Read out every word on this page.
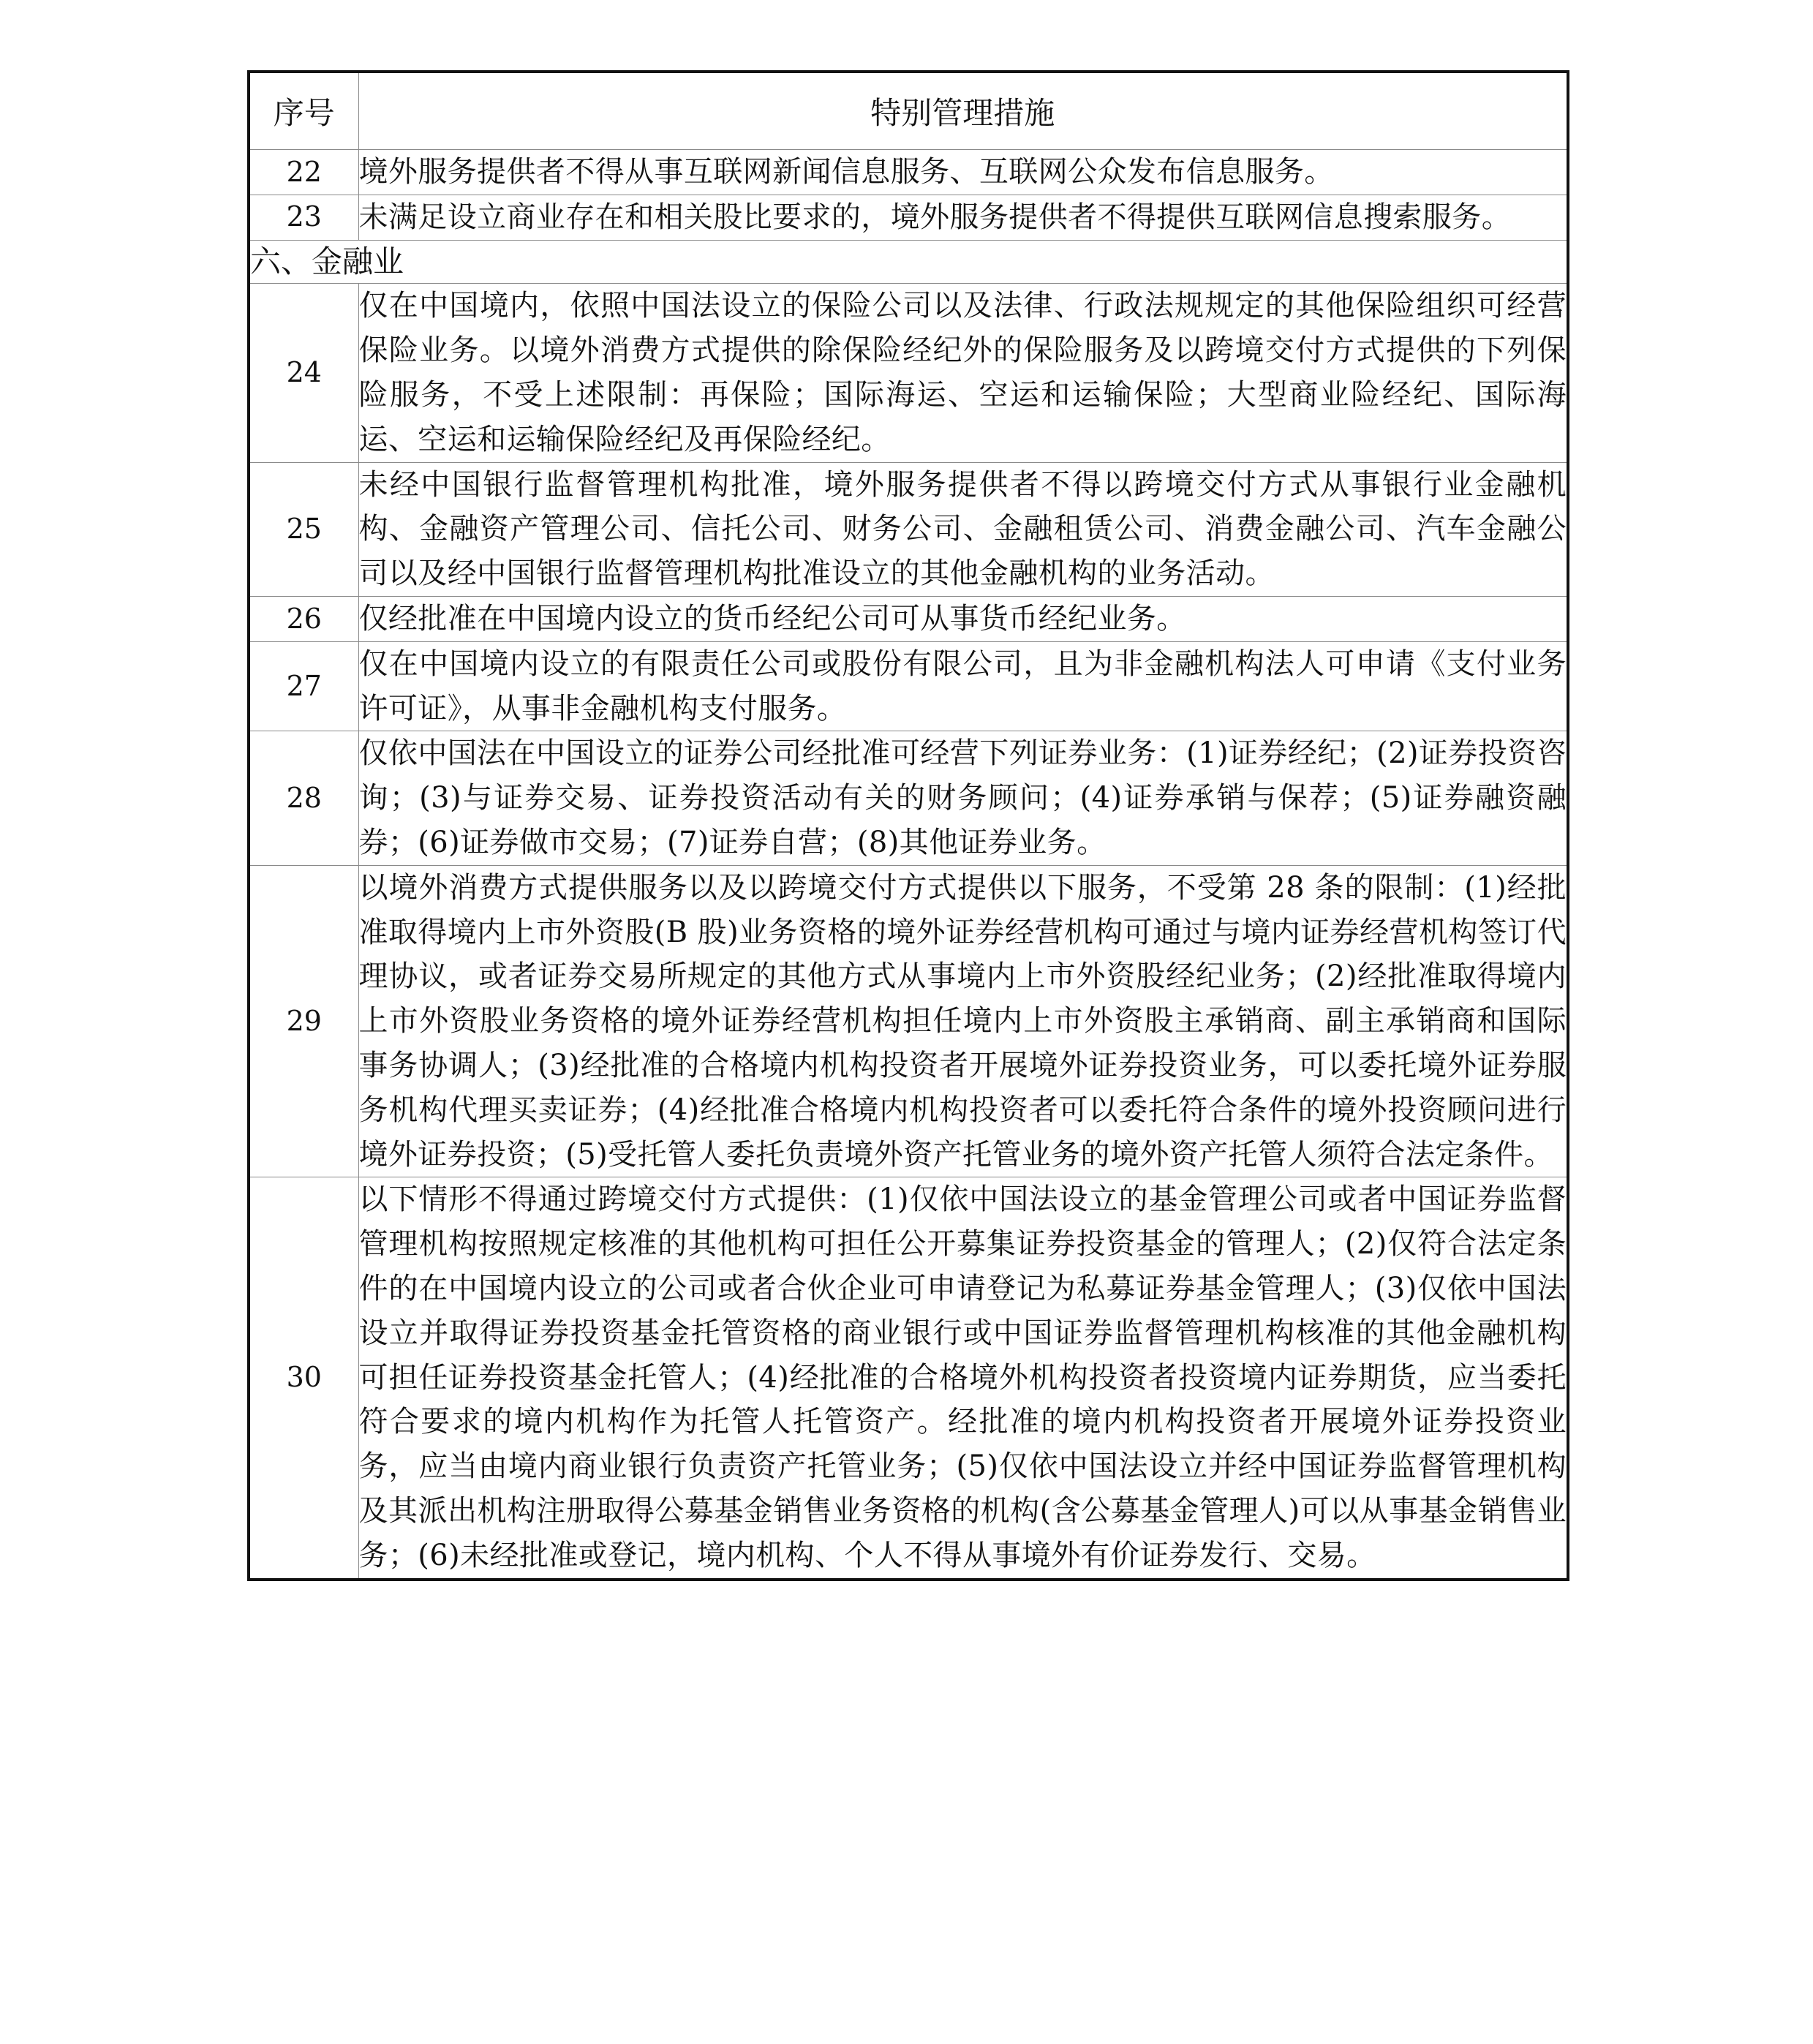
序号	特别管理措施
22	境外服务提供者不得从事互联网新闻信息服务、互联网公众发布信息服务。
23	未满足设立商业存在和相关股比要求的，境外服务提供者不得提供互联网信息搜索服务。
六、金融业	
24	仅在中国境内，依照中国法设立的保险公司以及法律、行政法规规定的其他保险组织可经营保险业务。以境外消费方式提供的除保险经纪外的保险服务及以跨境交付方式提供的下列保险服务，不受上述限制：再保险；国际海运、空运和运输保险；大型商业险经纪、国际海运、空运和运输保险经纪及再保险经纪。
25	未经中国银行监督管理机构批准，境外服务提供者不得以跨境交付方式从事银行业金融机构、金融资产管理公司、信托公司、财务公司、金融租赁公司、消费金融公司、汽车金融公司以及经中国银行监督管理机构批准设立的其他金融机构的业务活动。
26	仅经批准在中国境内设立的货币经纪公司可从事货币经纪业务。
27	仅在中国境内设立的有限责任公司或股份有限公司，且为非金融机构法人可申请《支付业务许可证》，从事非金融机构支付服务。
28	仅依中国法在中国设立的证券公司经批准可经营下列证券业务：(1)证券经纪；(2)证券投资咨询；(3)与证券交易、证券投资活动有关的财务顾问；(4)证券承销与保荐；(5)证券融资融券；(6)证券做市交易；(7)证券自营；(8)其他证券业务。
29	以境外消费方式提供服务以及以跨境交付方式提供以下服务，不受第 28 条的限制：(1)经批准取得境内上市外资股(B 股)业务资格的境外证券经营机构可通过与境内证券经营机构签订代理协议，或者证券交易所规定的其他方式从事境内上市外资股经纪业务；(2)经批准取得境内上市外资股业务资格的境外证券经营机构担任境内上市外资股主承销商、副主承销商和国际事务协调人；(3)经批准的合格境内机构投资者开展境外证券投资业务，可以委托境外证券服务机构代理买卖证券；(4)经批准合格境内机构投资者可以委托符合条件的境外投资顾问进行境外证券投资；(5)受托管人委托负责境外资产托管业务的境外资产托管人须符合法定条件。
30	以下情形不得通过跨境交付方式提供：(1)仅依中国法设立的基金管理公司或者中国证券监督管理机构按照规定核准的其他机构可担任公开募集证券投资基金的管理人；(2)仅符合法定条件的在中国境内设立的公司或者合伙企业可申请登记为私募证券基金管理人；(3)仅依中国法设立并取得证券投资基金托管资格的商业银行或中国证券监督管理机构核准的其他金融机构可担任证券投资基金托管人；(4)经批准的合格境外机构投资者投资境内证券期货，应当委托符合要求的境内机构作为托管人托管资产。经批准的境内机构投资者开展境外证券投资业务，应当由境内商业银行负责资产托管业务；(5)仅依中国法设立并经中国证券监督管理机构及其派出机构注册取得公募基金销售业务资格的机构(含公募基金管理人)可以从事基金销售业务；(6)未经批准或登记，境内机构、个人不得从事境外有价证券发行、交易。
